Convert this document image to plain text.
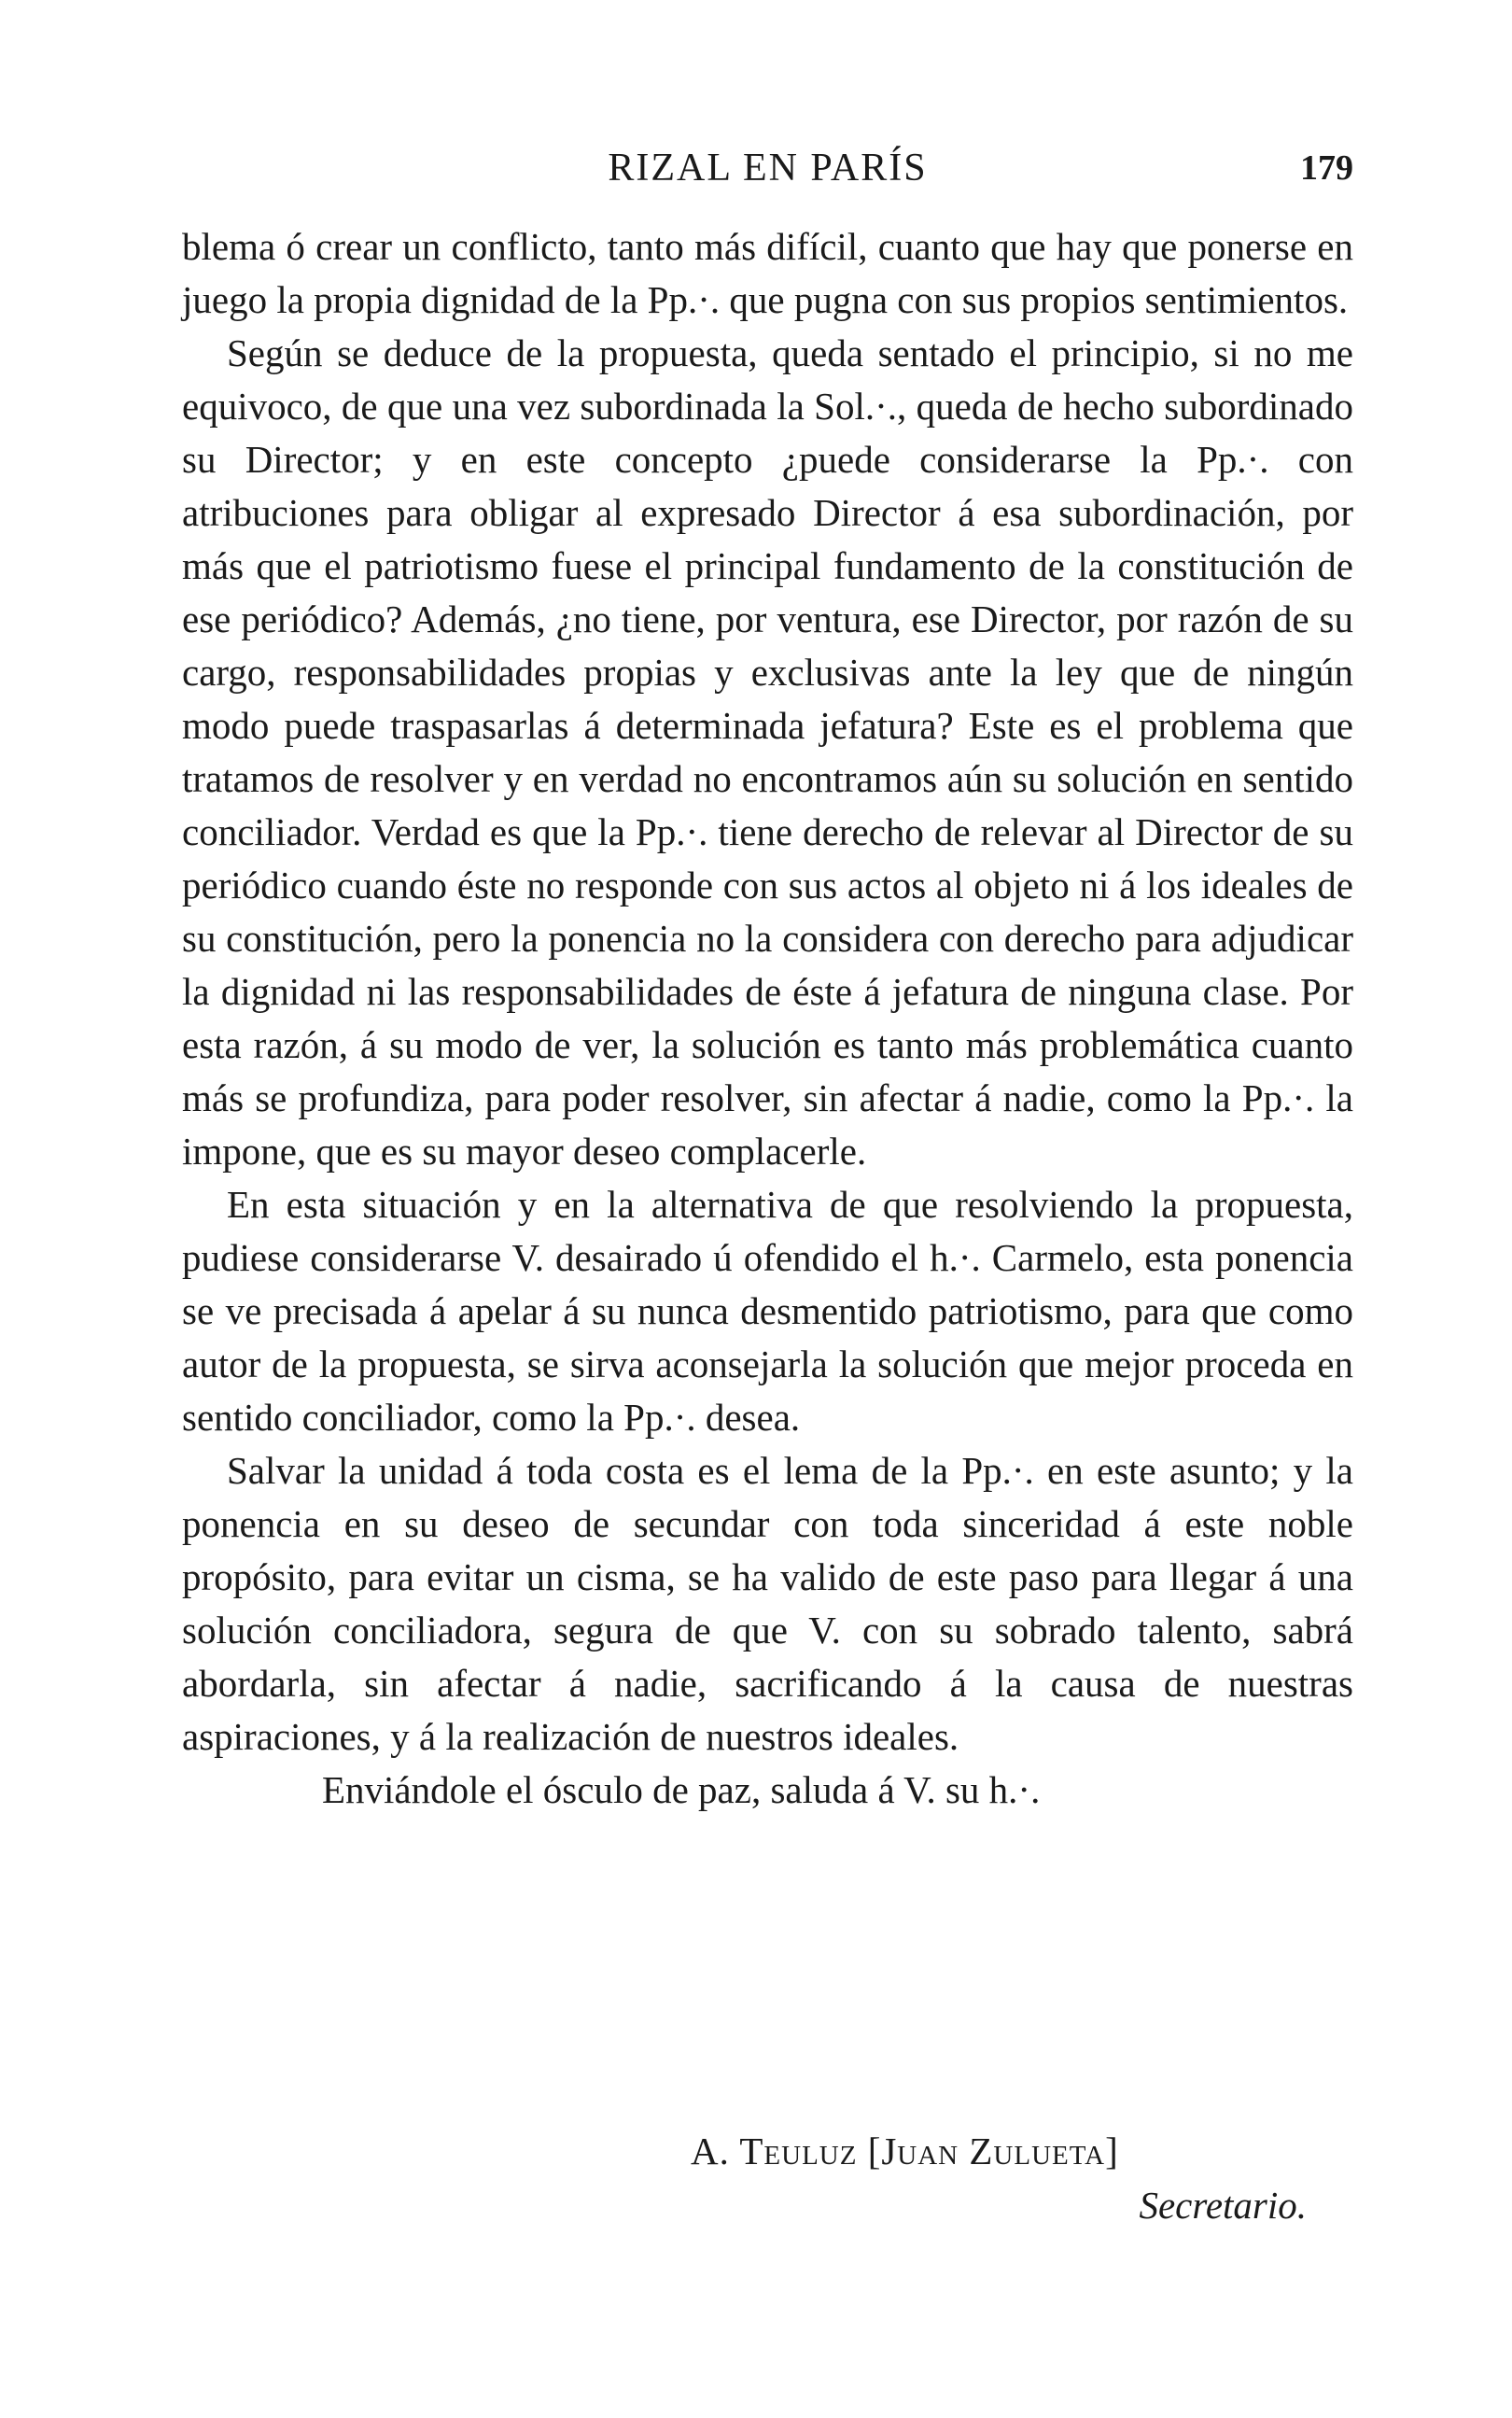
RIZAL EN PARÍS	179

blema ó crear un conflicto, tanto más difícil, cuanto que hay que ponerse en juego la propia dignidad de la Pp.·. que pugna con sus propios sentimientos.

Según se deduce de la propuesta, queda sentado el principio, si no me equivoco, de que una vez subordinada la Sol.·., queda de hecho subordinado su Director; y en este concepto ¿puede considerarse la Pp.·. con atribuciones para obligar al expresado Director á esa subordinación, por más que el patriotismo fuese el principal fundamento de la constitución de ese periódico? Además, ¿no tiene, por ventura, ese Director, por razón de su cargo, responsabilidades propias y exclusivas ante la ley que de ningún modo puede traspasarlas á determinada jefatura? Este es el problema que tratamos de resolver y en verdad no encontramos aún su solución en sentido conciliador. Verdad es que la Pp.·. tiene derecho de relevar al Director de su periódico cuando éste no responde con sus actos al objeto ni á los ideales de su constitución, pero la ponencia no la considera con derecho para adjudicar la dignidad ni las responsabilidades de éste á jefatura de ninguna clase. Por esta razón, á su modo de ver, la solución es tanto más problemática cuanto más se profundiza, para poder resolver, sin afectar á nadie, como la Pp.·. la impone, que es su mayor deseo complacerle.

En esta situación y en la alternativa de que resolviendo la propuesta, pudiese considerarse V. desairado ú ofendido el h.·. Carmelo, esta ponencia se ve precisada á apelar á su nunca desmentido patriotismo, para que como autor de la propuesta, se sirva aconsejarla la solución que mejor proceda en sentido conciliador, como la Pp.·. desea.

Salvar la unidad á toda costa es el lema de la Pp.·. en este asunto; y la ponencia en su deseo de secundar con toda sinceridad á este noble propósito, para evitar un cisma, se ha valido de este paso para llegar á una solución conciliadora, segura de que V. con su sobrado talento, sabrá abordarla, sin afectar á nadie, sacrificando á la causa de nuestras aspiraciones, y á la realización de nuestros ideales.

Enviándole el ósculo de paz, saluda á V. su h.·.

A. Teuluz [Juan Zulueta]
Secretario.
